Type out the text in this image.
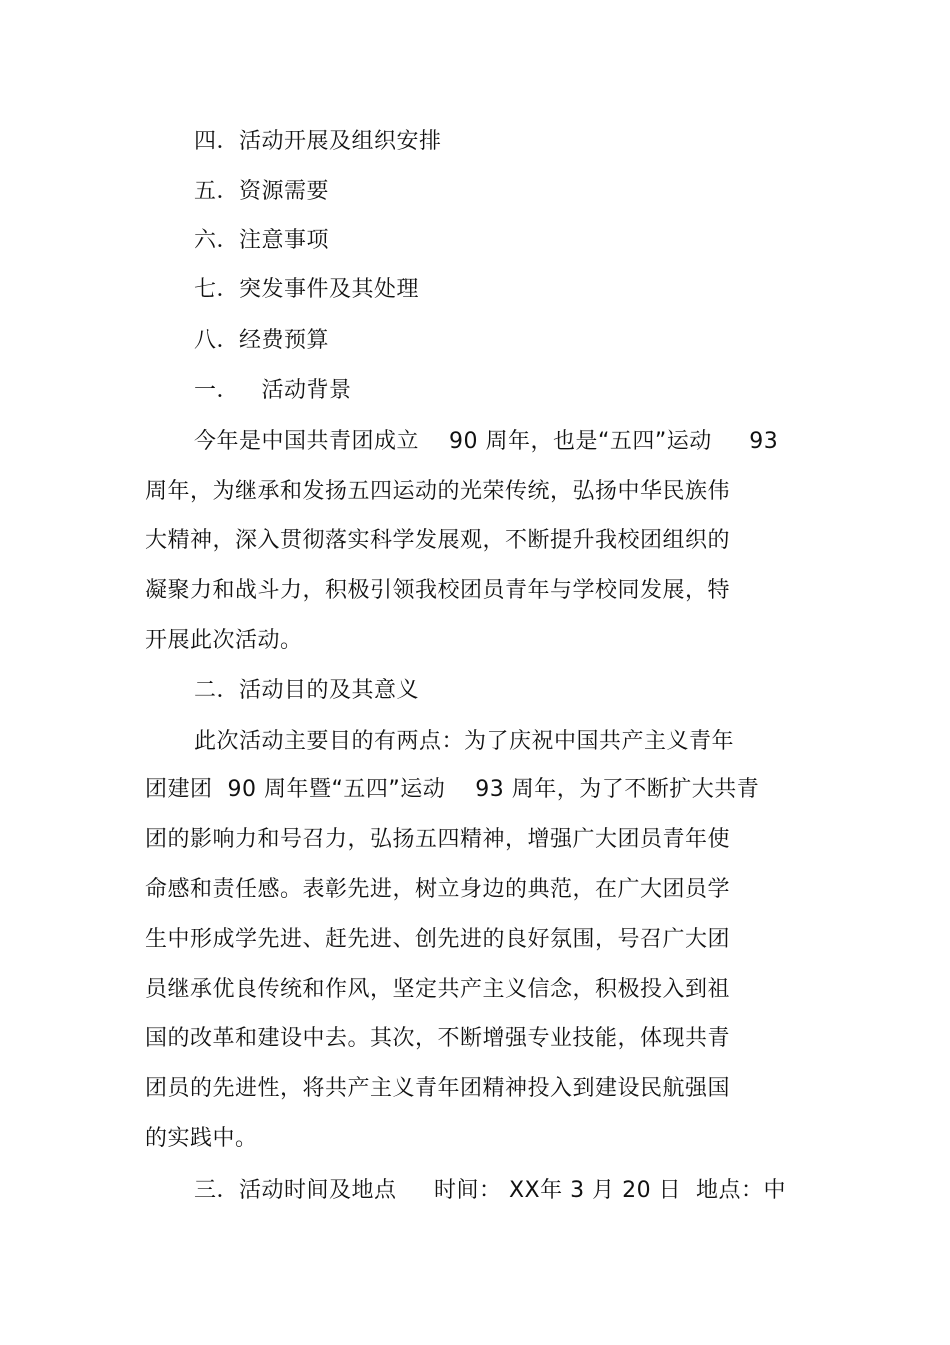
四．活动开展及组织安排
五．资源需要
六．注意事项
七．突发事件及其处理
八．经费预算
一．   活动背景
今年是中国共青团成立    90 周年，也是“五四”运动     93
周年，为继承和发扬五四运动的光荣传统，弘扬中华民族伟
大精神，深入贯彻落实科学发展观，不断提升我校团组织的
凝聚力和战斗力，积极引领我校团员青年与学校同发展，特
开展此次活动。
二．活动目的及其意义
此次活动主要目的有两点：为了庆祝中国共产主义青年
团建团  90 周年暨“五四”运动    93 周年，为了不断扩大共青
团的影响力和号召力，弘扬五四精神，增强广大团员青年使
命感和责任感。表彰先进，树立身边的典范，在广大团员学
生中形成学先进、赶先进、创先进的良好氛围，号召广大团
员继承优良传统和作风，坚定共产主义信念，积极投入到祖
国的改革和建设中去。其次，不断增强专业技能，体现共青
团员的先进性，将共产主义青年团精神投入到建设民航强国
的实践中。
三．活动时间及地点     时间： XX年 3 月 20 日  地点：中
